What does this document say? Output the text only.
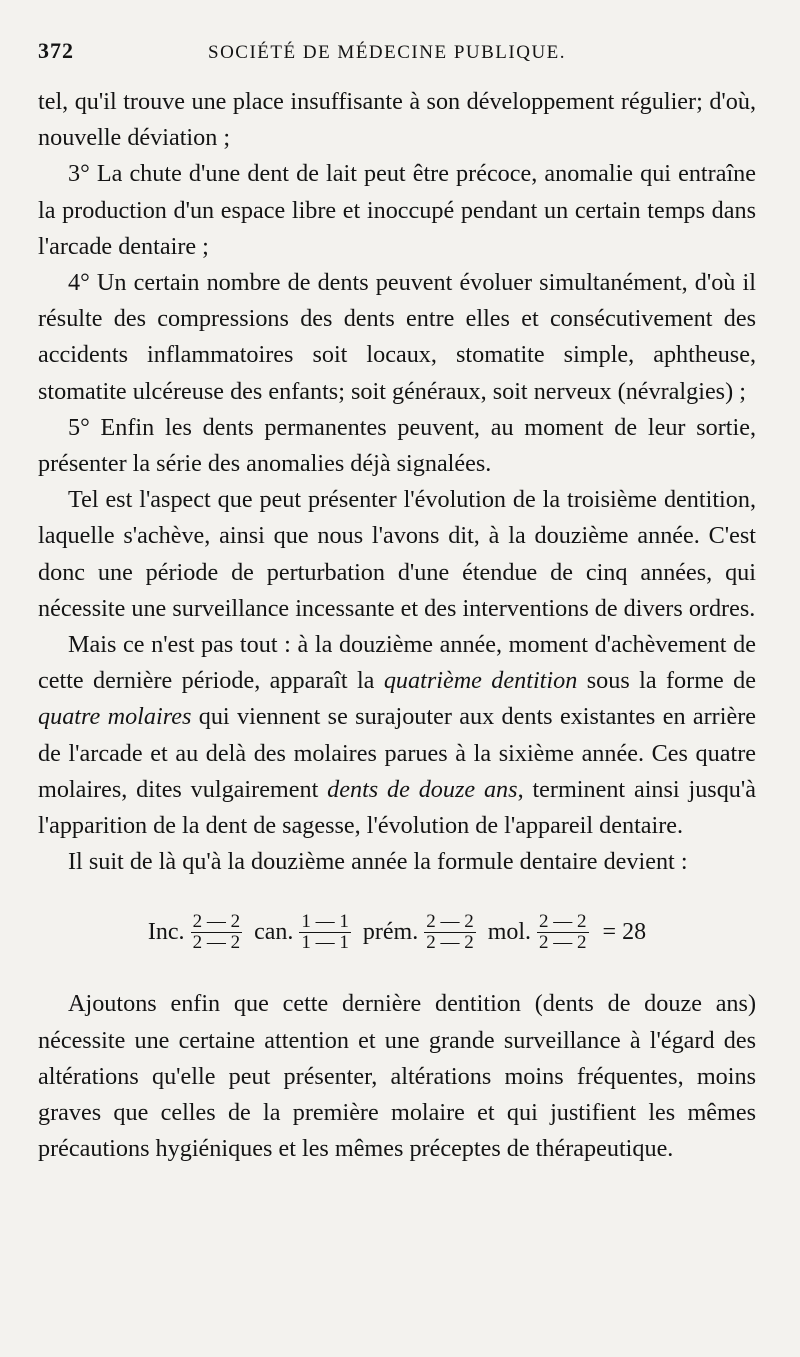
372	SOCIÉTÉ DE MÉDECINE PUBLIQUE.

tel, qu'il trouve une place insuffisante à son développement régulier; d'où, nouvelle déviation ;

3° La chute d'une dent de lait peut être précoce, anomalie qui entraîne la production d'un espace libre et inoccupé pendant un certain temps dans l'arcade dentaire ;

4° Un certain nombre de dents peuvent évoluer simultanément, d'où il résulte des compressions des dents entre elles et consécutivement des accidents inflammatoires soit locaux, stomatite simple, aphtheuse, stomatite ulcéreuse des enfants; soit généraux, soit nerveux (névralgies) ;

5° Enfin les dents permanentes peuvent, au moment de leur sortie, présenter la série des anomalies déjà signalées.

Tel est l'aspect que peut présenter l'évolution de la troisième dentition, laquelle s'achève, ainsi que nous l'avons dit, à la douzième année. C'est donc une période de perturbation d'une étendue de cinq années, qui nécessite une surveillance incessante et des interventions de divers ordres.

Mais ce n'est pas tout : à la douzième année, moment d'achèvement de cette dernière période, apparaît la quatrième dentition sous la forme de quatre molaires qui viennent se surajouter aux dents existantes en arrière de l'arcade et au delà des molaires parues à la sixième année. Ces quatre molaires, dites vulgairement dents de douze ans, terminent ainsi jusqu'à l'apparition de la dent de sagesse, l'évolution de l'appareil dentaire.

Il suit de là qu'à la douzième année la formule dentaire devient :

Inc. $\frac{2 — 2}{2 — 2}$ can. $\frac{1 — 1}{1 — 1}$ prém. $\frac{2 — 2}{2 — 2}$ mol. $\frac{2 — 2}{2 — 2} = 28$

Ajoutons enfin que cette dernière dentition (dents de douze ans) nécessite une certaine attention et une grande surveillance à l'égard des altérations qu'elle peut présenter, altérations moins fréquentes, moins graves que celles de la première molaire et qui justifient les mêmes précautions hygiéniques et les mêmes préceptes de thérapeutique.
